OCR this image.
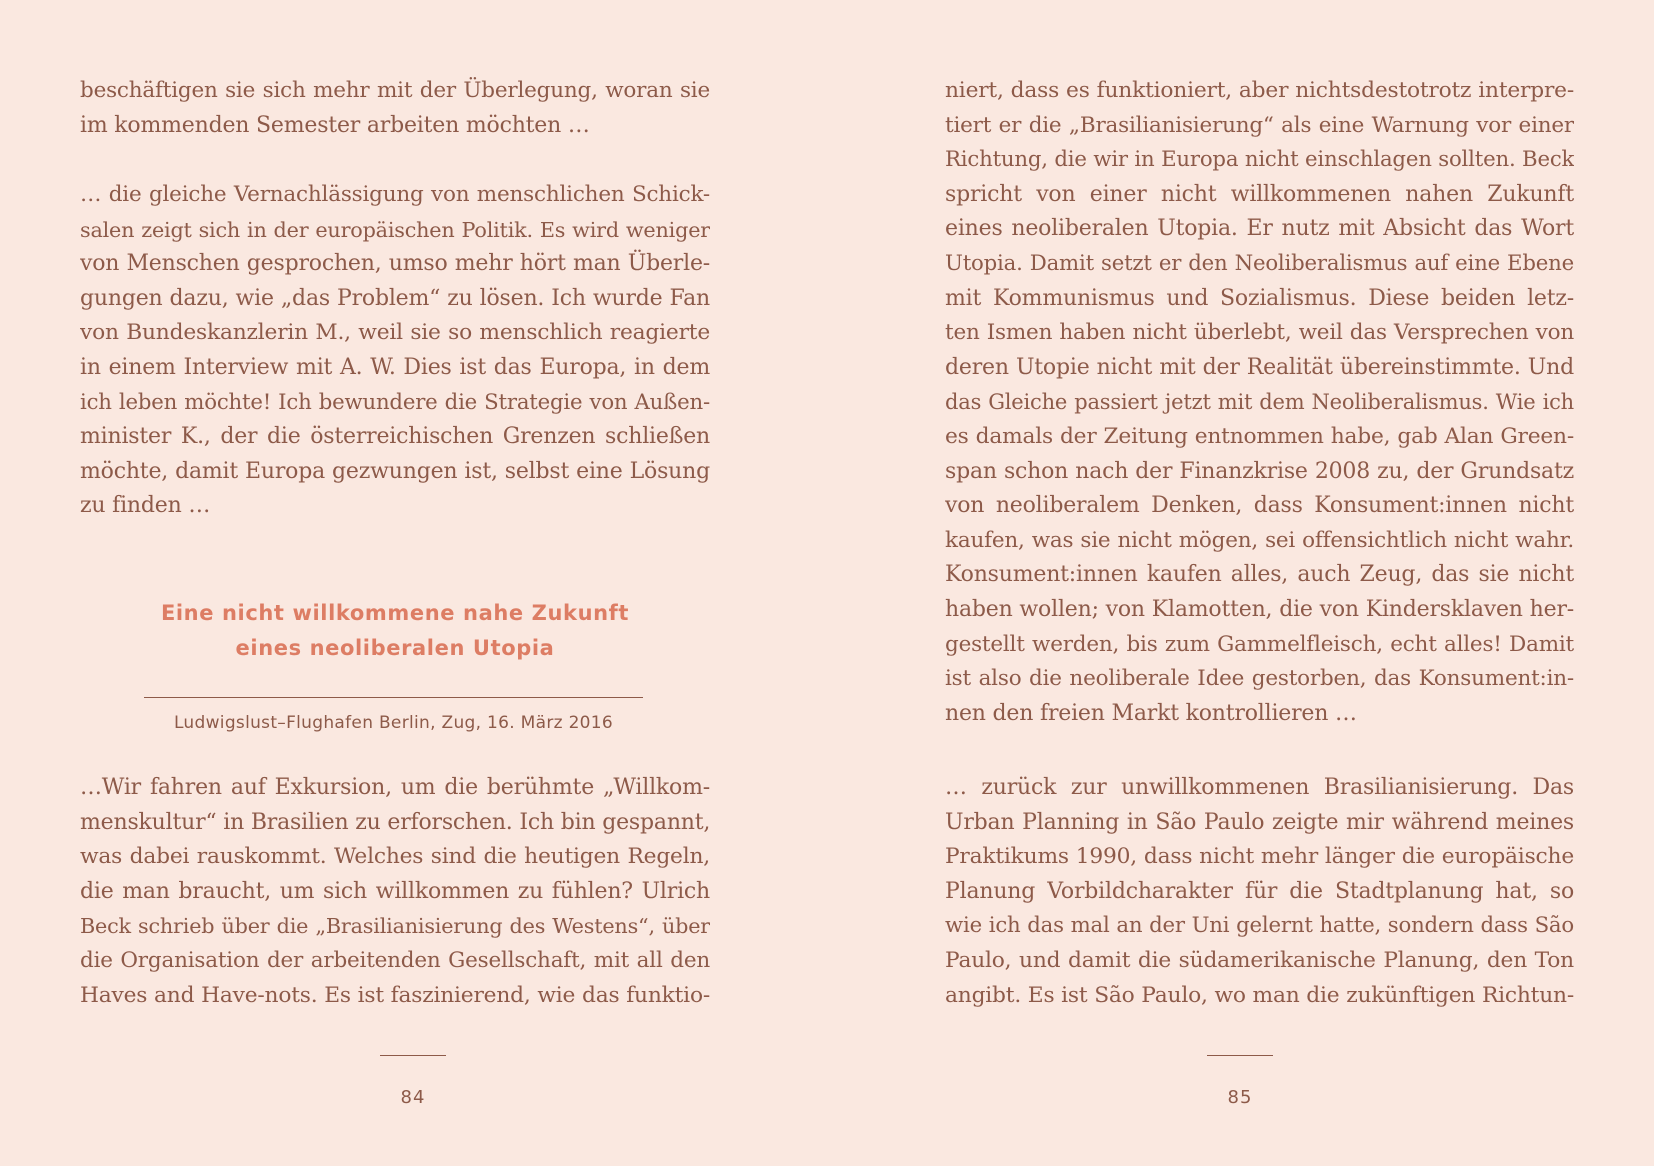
beschäftigen sie sich mehr mit der Überlegung, woran sie
im kommenden Semester arbeiten möchten …
… die gleiche Vernachlässigung von menschlichen Schick-
salen zeigt sich in der europäischen Politik. Es wird weniger
von Menschen gesprochen, umso mehr hört man Überle-
gungen dazu, wie „das Problem“ zu lösen. Ich wurde Fan
von Bundeskanzlerin M., weil sie so menschlich reagierte
in einem Interview mit A. W. Dies ist das Europa, in dem
ich leben möchte! Ich bewundere die Strategie von Außen-
minister K., der die österreichischen Grenzen schließen
möchte, damit Europa gezwungen ist, selbst eine Lösung
zu finden …
Eine nicht willkommene nahe Zukunft
eines neoliberalen Utopia
Ludwigslust–Flughafen Berlin, Zug, 16. März 2016
…Wir fahren auf Exkursion, um die berühmte „Willkom-
menskultur“ in Brasilien zu erforschen. Ich bin gespannt,
was dabei rauskommt. Welches sind die heutigen Regeln,
die man braucht, um sich willkommen zu fühlen? Ulrich
Beck schrieb über die „Brasilianisierung des Westens“, über
die Organisation der arbeitenden Gesellschaft, mit all den
Haves and Have-nots. Es ist faszinierend, wie das funktio-
84
niert, dass es funktioniert, aber nichtsdestotrotz interpre-
tiert er die „Brasilianisierung“ als eine Warnung vor einer
Richtung, die wir in Europa nicht einschlagen sollten. Beck
spricht von einer nicht willkommenen nahen Zukunft
eines neoliberalen Utopia. Er nutz mit Absicht das Wort
Utopia. Damit setzt er den Neoliberalismus auf eine Ebene
mit Kommunismus und Sozialismus. Diese beiden letz-
ten Ismen haben nicht überlebt, weil das Versprechen von
deren Utopie nicht mit der Realität übereinstimmte. Und
das Gleiche passiert jetzt mit dem Neoliberalismus. Wie ich
es damals der Zeitung entnommen habe, gab Alan Green-
span schon nach der Finanzkrise 2008 zu, der Grundsatz
von neoliberalem Denken, dass Konsument:innen nicht
kaufen, was sie nicht mögen, sei offensichtlich nicht wahr.
Konsument:innen kaufen alles, auch Zeug, das sie nicht
haben wollen; von Klamotten, die von Kindersklaven her-
gestellt werden, bis zum Gammelfleisch, echt alles! Damit
ist also die neoliberale Idee gestorben, das Konsument:in-
nen den freien Markt kontrollieren …
… zurück zur unwillkommenen Brasilianisierung. Das
Urban Planning in São Paulo zeigte mir während meines
Praktikums 1990, dass nicht mehr länger die europäische
Planung Vorbildcharakter für die Stadtplanung hat, so
wie ich das mal an der Uni gelernt hatte, sondern dass São
Paulo, und damit die südamerikanische Planung, den Ton
angibt. Es ist São Paulo, wo man die zukünftigen Richtun-
85
